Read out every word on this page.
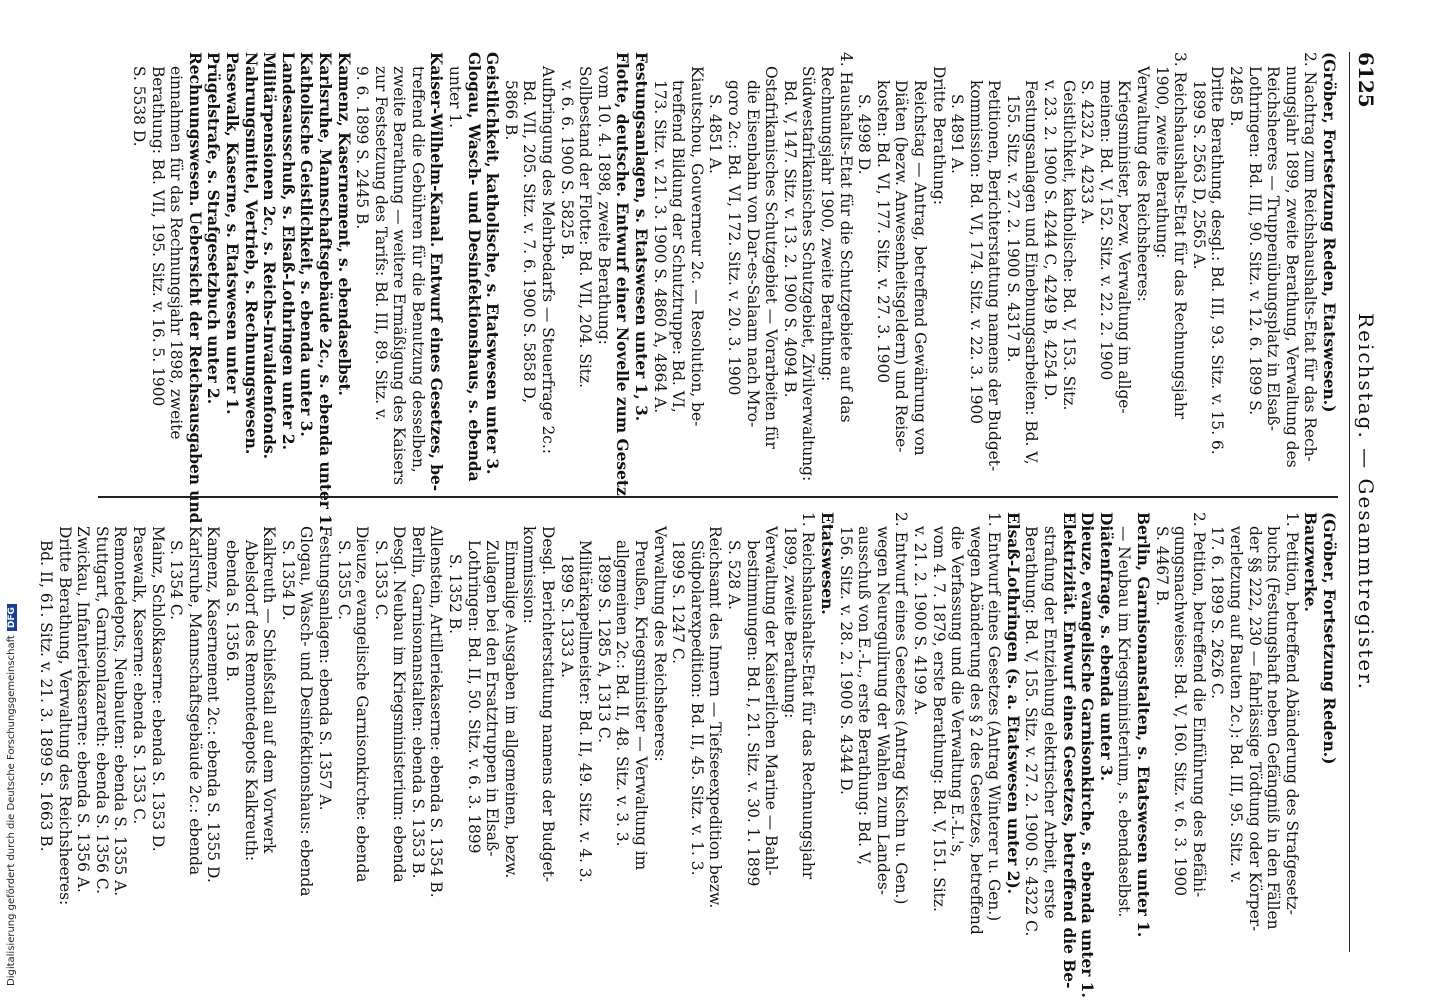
6125
Reichstag. — Gesammtregister.
(Gröber, Fortsetzung Reden, Etatswesen.)
2. Nachtrag zum Reichshaushalts-Etat für das Rech-
nungsjahr 1899, zweite Berathung, Verwaltung des
Reichsheeres — Truppenübungsplatz in Elsaß-
Lothringen: Bd. III, 90. Sitz. v. 12. 6. 1899 S.
2485 B.
Dritte Berathung, desgl.: Bd. III, 93. Sitz. v. 15. 6.
1899 S. 2563 D, 2565 A.
3. Reichshaushalts-Etat für das Rechnungsjahr
1900, zweite Berathung:
Verwaltung des Reichsheeres:
Kriegsminister, bezw. Verwaltung im allge-
meinen: Bd. V, 152. Sitz. v. 22. 2. 1900
S. 4232 A, 4233 A.
Geistlichkeit, katholische: Bd. V, 153. Sitz.
v. 23. 2. 1900 S. 4244 C, 4249 B, 4254 D.
Festungsanlagen und Einebnungsarbeiten: Bd. V,
155. Sitz. v. 27. 2. 1900 S. 4317 B.
Petitionen, Berichterstattung namens der Budget-
kommission: Bd. VI, 174. Sitz. v. 22. 3. 1900
S. 4891 A.
Dritte Berathung:
Reichstag — Antrag, betreffend Gewährung von
Diäten (bezw. Anwesenheitsgeldern) und Reise-
kosten: Bd. VI, 177. Sitz. v. 27. 3. 1900
S. 4998 D.
4. Haushalts-Etat für die Schutzgebiete auf das
Rechnungsjahr 1900, zweite Berathung:
Südwestafrikanisches Schutzgebiet, Zivilverwaltung:
Bd. V, 147. Sitz. v. 13. 2. 1900 S. 4094 B.
Ostafrikanisches Schutzgebiet — Vorarbeiten für
die Eisenbahn von Dar-es-Salaam nach Mro-
goro 2c.: Bd. VI, 172. Sitz. v. 20. 3. 1900
S. 4851 A.
Kiautschou, Gouverneur 2c. — Resolution, be-
treffend Bildung der Schutztruppe: Bd. VI,
173. Sitz. v. 21. 3. 1900 S. 4860 A, 4864 A.
Festungsanlagen, s. Etatswesen unter 1, 3.
Flotte, deutsche. Entwurf einer Novelle zum Gesetz
vom 10. 4. 1898, zweite Berathung:
Sollbestand der Flotte: Bd. VII, 204. Sitz.
v. 6. 6. 1900 S. 5825 B.
Aufbringung des Mehrbedarfs — Steuerfrage 2c.:
Bd. VII, 205. Sitz. v. 7. 6. 1900 S. 5858 D,
5866 B.
Geistlichkeit, katholische, s. Etatswesen unter 3.
Glogau, Wasch- und Desinfektionshaus, s. ebenda
unter 1.
Kaiser-Wilhelm-Kanal. Entwurf eines Gesetzes, be-
treffend die Gebühren für die Benutzung desselben,
zweite Berathung — weitere Ermäßigung des Kaisers
zur Festsetzung des Tarifs: Bd. III, 89. Sitz. v.
9. 6. 1899 S. 2445 B.
Kamenz, Kasernement, s. ebendaselbst.
Karlsruhe, Mannschaftsgebäude 2c., s. ebenda unter 1.
Katholische Geistlichkeit, s. ebenda unter 3.
Landesausschuß, s. Elsaß-Lothringen unter 2.
Militärpensionen 2c., s. Reichs-Invalidenfonds.
Nahrungsmittel, Vertrieb, s. Rechnungswesen.
Pasewalk, Kaserne, s. Etatswesen unter 1.
Prügelstrafe, s. Strafgesetzbuch unter 2.
Rechnungswesen. Uebersicht der Reichsausgaben und
einnahmen für das Rechnungsjahr 1898, zweite
Berathung: Bd. VII, 195. Sitz. v. 16. 5. 1900
S. 5538 D.
(Gröber, Fortsetzung Reden.)
Bauzwerke.
1. Petition, betreffend Abänderung des Strafgesetz-
buchs (Festungshaft neben Gefängniß in den Fällen
der §§ 222, 230 — fahrlässige Tödtung oder Körper-
verletzung auf Bauten 2c.): Bd. III, 95. Sitz. v.
17. 6. 1899 S. 2626 C.
2. Petition, betreffend die Einführung des Befähi-
gungsnachweises: Bd. V, 160. Sitz. v. 6. 3. 1900
S. 4467 B.
Berlin, Garnisonanstalten, s. Etatswesen unter 1.
— Neubau im Kriegsministerium, s. ebendaselbst.
Diätenfrage, s. ebenda unter 3.
Dieuze, evangelische Garnisonkirche, s. ebenda unter 1.
Elektrizität. Entwurf eines Gesetzes, betreffend die Be-
strafung der Entziehung elektrischer Arbeit, erste
Berathung: Bd. V, 155. Sitz. v. 27. 2. 1900 S. 4322 C.
Elsaß-Lothringen (s. a. Etatswesen unter 2).
1. Entwurf eines Gesetzes (Antrag Winterer u. Gen.)
wegen Abänderung des § 2 des Gesetzes, betreffend
die Verfassung und die Verwaltung E.-L.'s,
vom 4. 7. 1879, erste Berathung: Bd. V, 151. Sitz.
v. 21. 2. 1900 S. 4199 A.
2. Entwurf eines Gesetzes (Antrag Kischn u. Gen.)
wegen Neuregulirung der Wahlen zum Landes-
ausschuß von E.-L., erste Berathung: Bd. V,
156. Sitz. v. 28. 2. 1900 S. 4344 D.
Etatswesen.
1. Reichshaushalts-Etat für das Rechnungsjahr
1899, zweite Berathung:
Verwaltung der Kaiserlichen Marine — Bahl-
bestimmungen: Bd. I, 21. Sitz. v. 30. 1. 1899
S. 528 A.
Reichsamt des Innern — Tiefseeexpedition bezw.
Südpolarexpedition: Bd. II, 45. Sitz. v. 1. 3.
1899 S. 1247 C.
Verwaltung des Reichsheeres:
Preußen, Kriegsminister — Verwaltung im
allgemeinen 2c.: Bd. II, 48. Sitz. v. 3. 3.
1899 S. 1285 A, 1313 C.
Militärkapellmeister: Bd. II, 49. Sitz. v. 4. 3.
1899 S. 1333 A.
Desgl. Berichterstattung namens der Budget-
kommission:
Einmalige Ausgaben im allgemeinen, bezw.
Zulagen bei den Ersatztruppen in Elsaß-
Lothringen: Bd. II, 50. Sitz. v. 6. 3. 1899
S. 1352 B.
Allenstein, Artilleriekaserne: ebenda S. 1354 B.
Berlin, Garnisonanstalten: ebenda S. 1353 B.
Desgl. Neubau im Kriegsministerium: ebenda
S. 1353 C.
Dieuze, evangelische Garnisonkirche: ebenda
S. 1355 C.
Festungsanlagen: ebenda S. 1357 A.
Glogau, Wasch- und Desinfektionshaus: ebenda
S. 1354 D.
Kalkreuth — Schießstall auf dem Vorwerk
Abelsdorf des Remontedepots Kalkreuth:
ebenda S. 1356 B.
Kamenz, Kasernement 2c.: ebenda S. 1355 D.
Karlsruhe, Mannschaftsgebäude 2c.: ebenda
S. 1354 C.
Mainz, Schloßkaserne: ebenda S. 1353 D.
Pasewalk, Kaserne: ebenda S. 1353 C.
Remontedepots, Neubauten: ebenda S. 1355 A.
Stuttgart, Garnisonlazareth: ebenda S. 1356 C.
Zwickau, Infanteriekaserne: ebenda S. 1356 A.
Dritte Berathung, Verwaltung des Reichsheeres:
Bd. II, 61. Sitz. v. 21. 3. 1899 S. 1663 B.
Digitalisierung gefördert durch die Deutsche ForschungsgemeinschaftDFG
